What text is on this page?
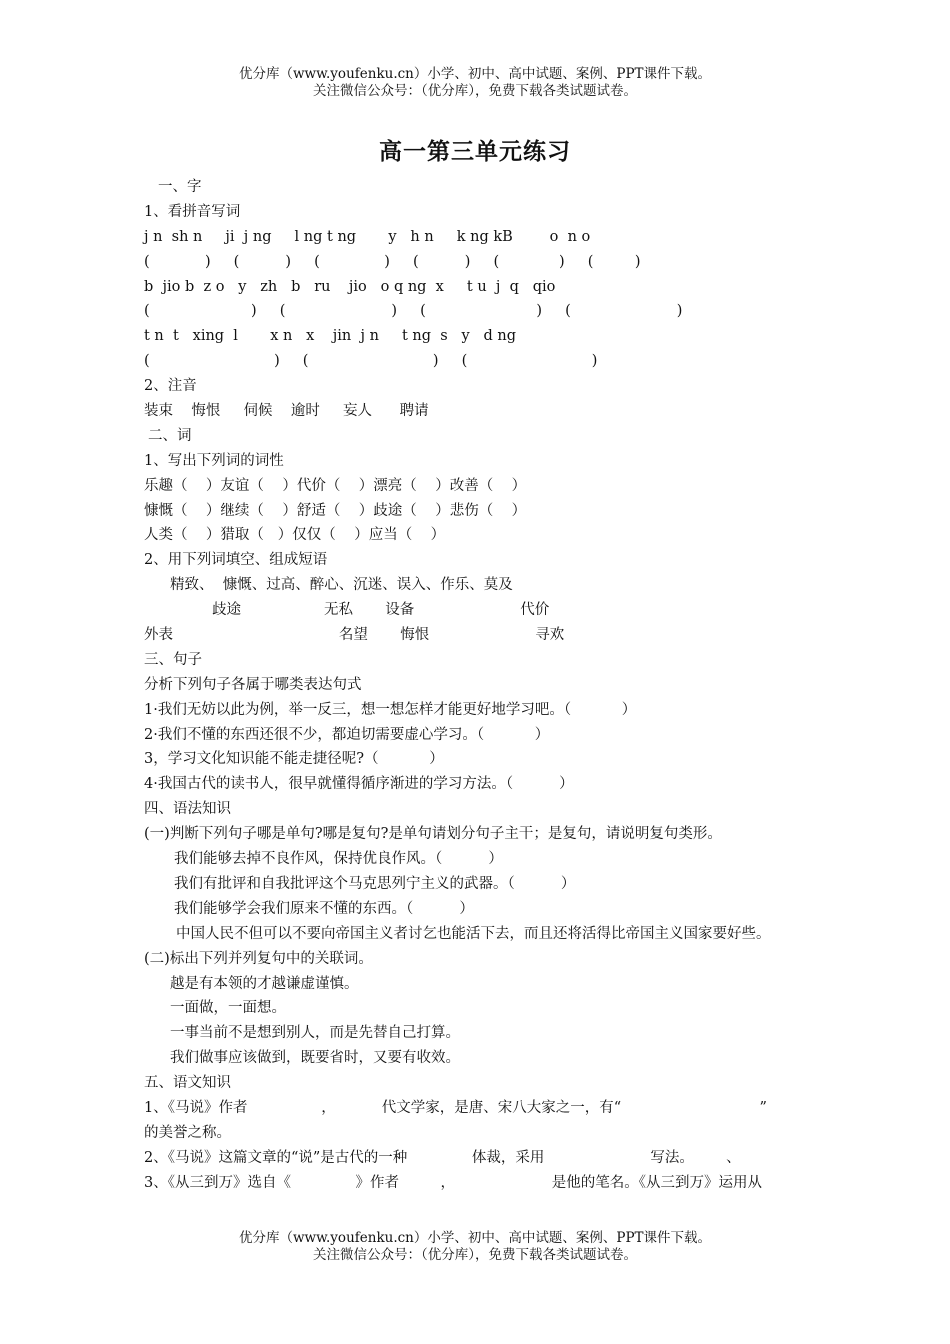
优分库（www.youfenku.cn）小学、初中、高中试题、案例、PPT课件下载。
关注微信公众号：（优分库），免费下载各类试题试卷。
高一第三单元练习
一、字
1、看拼音写词
j n  sh n     ji  j ng     l ng t ng       y   h n     k ng kB        o  n o
(            )     (          )     (              )     (          )     (             )     (         )
b  jio b  z o   y   zh   b   ru    jio   o q ng  x     t u  j  q   qio
(                      )     (                       )     (                        )     (                       )
t n  t   xing  l       x n   x    jin  j n     t ng  s   y   d ng
(                           )     (                           )     (                           )
2、注音
装束    悔恨     伺候    逾时     妄人      聘请
二、词
1、写出下列词的词性
乐趣（    ）友谊（    ）代价（    ）漂亮（    ）改善（    ）
慷慨（    ）继续（    ）舒适（    ）歧途（    ）悲伤（    ）
人类（    ）猎取（   ）仅仅（    ）应当（    ）
2、用下列词填空、组成短语
精致、  慷慨、过高、醉心、沉迷、误入、作乐、莫及
歧途                  无私       设备                       代价
外表                                    名望       悔恨                       寻欢
三、句子
分析下列句子各属于哪类表达句式
1·我们无妨以此为例，举一反三，想一想怎样才能更好地学习吧。（           ）
2·我们不懂的东西还很不少，都迫切需要虚心学习。（           ）
3，学习文化知识能不能走捷径呢?（           ）
4·我国古代的读书人，很早就懂得循序渐进的学习方法。（          ）
四、语法知识
(一)判断下列句子哪是单句?哪是复句?是单句请划分句子主干；是复句，请说明复句类形。
我们能够去掉不良作风，保持优良作风。（          ）
我们有批评和自我批评这个马克思列宁主义的武器。（          ）
我们能够学会我们原来不懂的东西。（          ）
中国人民不但可以不要向帝国主义者讨乞也能活下去，而且还将活得比帝国主义国家要好些。
(二)标出下列并列复句中的关联词。
越是有本领的才越谦虚谨慎。
一面做，一面想。
一事当前不是想到别人，而是先替自己打算。
我们做事应该做到，既要省时，又要有收效。
五、语文知识
1、《马说》作者                ，          代文学家，是唐、宋八大家之一，有“                              ”
的美誉之称。
2、《马说》这篇文章的“说”是古代的一种              体裁，采用                       写法。       、
3、《从三到万》选自《              》作者         ，                     是他的笔名。《从三到万》运用从
优分库（www.youfenku.cn）小学、初中、高中试题、案例、PPT课件下载。
关注微信公众号：（优分库），免费下载各类试题试卷。
